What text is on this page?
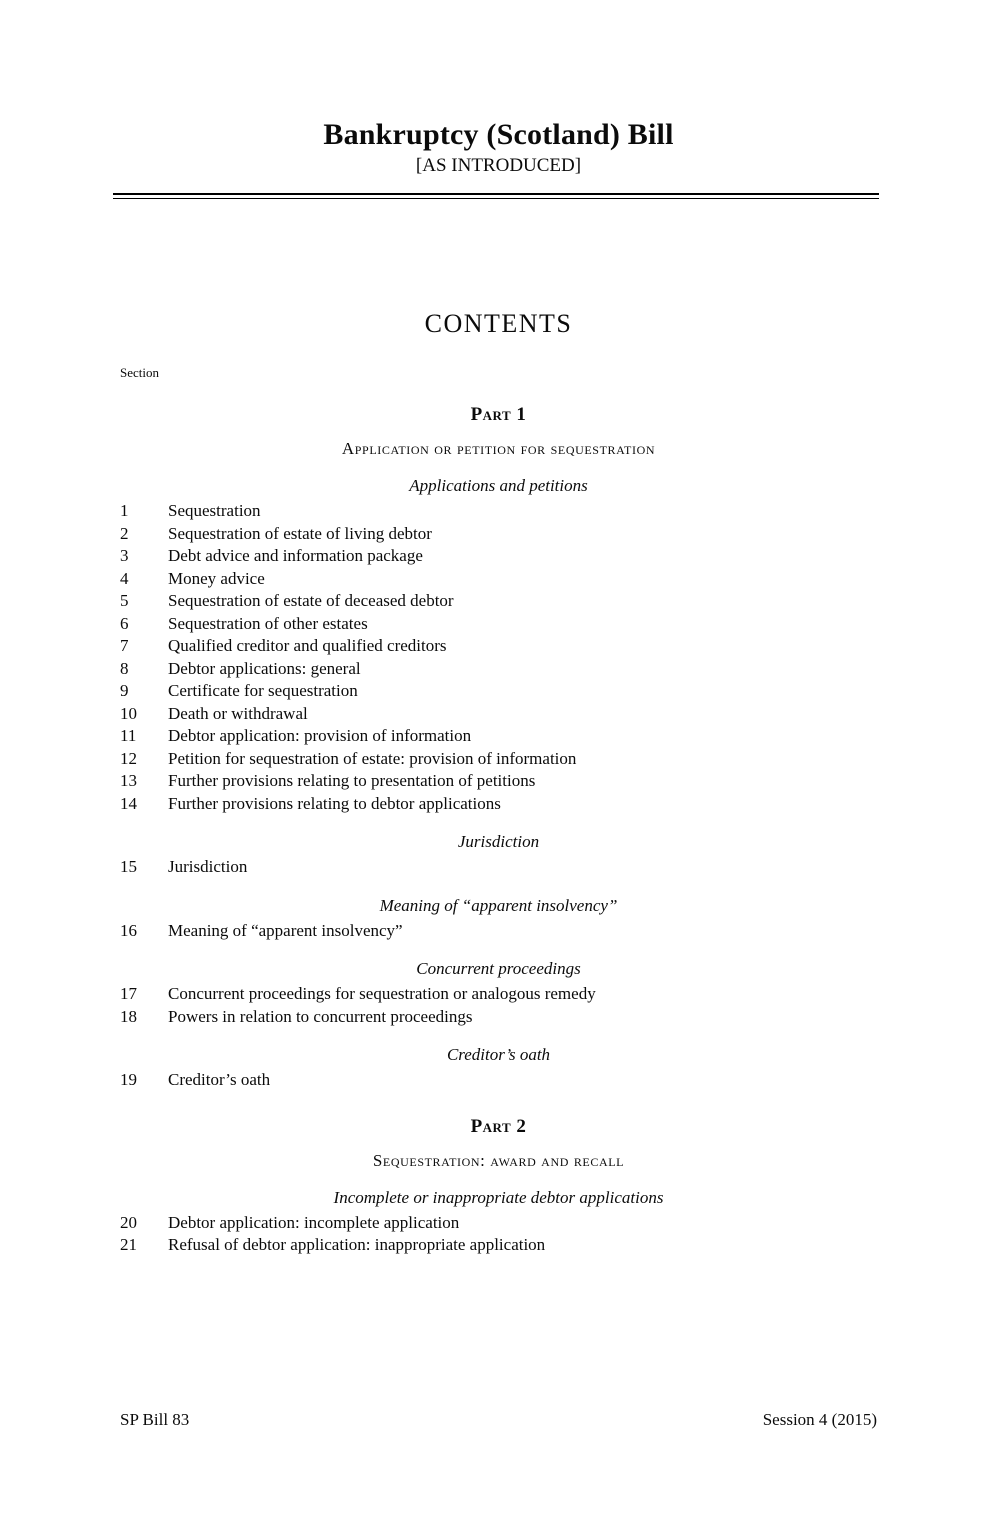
Bankruptcy (Scotland) Bill
[AS INTRODUCED]
CONTENTS
Section
Part 1
Application or petition for sequestration
Applications and petitions
1 Sequestration
2 Sequestration of estate of living debtor
3 Debt advice and information package
4 Money advice
5 Sequestration of estate of deceased debtor
6 Sequestration of other estates
7 Qualified creditor and qualified creditors
8 Debtor applications: general
9 Certificate for sequestration
10 Death or withdrawal
11 Debtor application: provision of information
12 Petition for sequestration of estate: provision of information
13 Further provisions relating to presentation of petitions
14 Further provisions relating to debtor applications
Jurisdiction
15 Jurisdiction
Meaning of “apparent insolvency”
16 Meaning of “apparent insolvency”
Concurrent proceedings
17 Concurrent proceedings for sequestration or analogous remedy
18 Powers in relation to concurrent proceedings
Creditor’s oath
19 Creditor’s oath
Part 2
Sequestration: award and recall
Incomplete or inappropriate debtor applications
20 Debtor application: incomplete application
21 Refusal of debtor application: inappropriate application
SP Bill 83	Session 4 (2015)
